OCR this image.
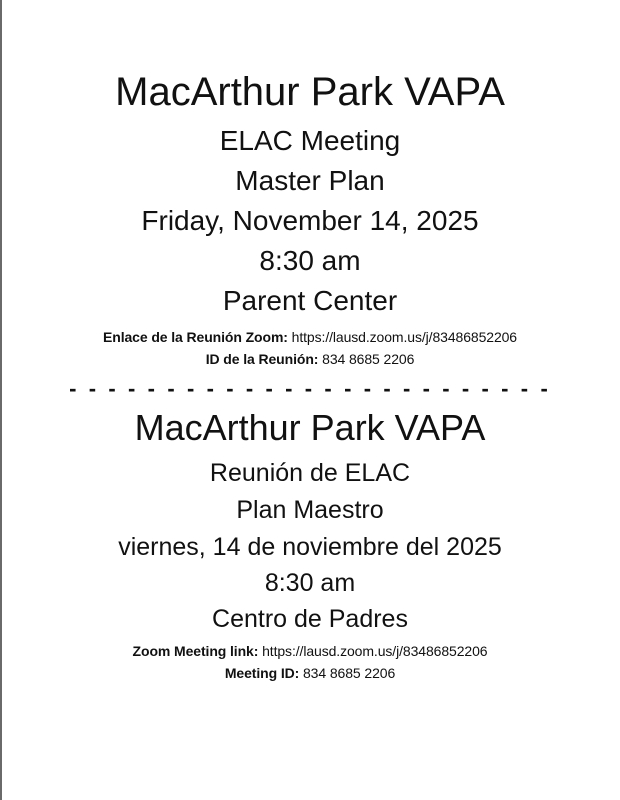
MacArthur Park VAPA
ELAC Meeting
Master Plan
Friday, November 14, 2025
8:30 am
Parent Center
Enlace de la Reunión Zoom: https://lausd.zoom.us/j/83486852206
ID de la Reunión: 834 8685 2206
- - - - - - - - - - - - - - - - - - - - - - - - -
MacArthur Park VAPA
Reunión de ELAC
Plan Maestro
viernes, 14 de noviembre del 2025
8:30 am
Centro de Padres
Zoom Meeting link: https://lausd.zoom.us/j/83486852206
Meeting ID: 834 8685 2206
